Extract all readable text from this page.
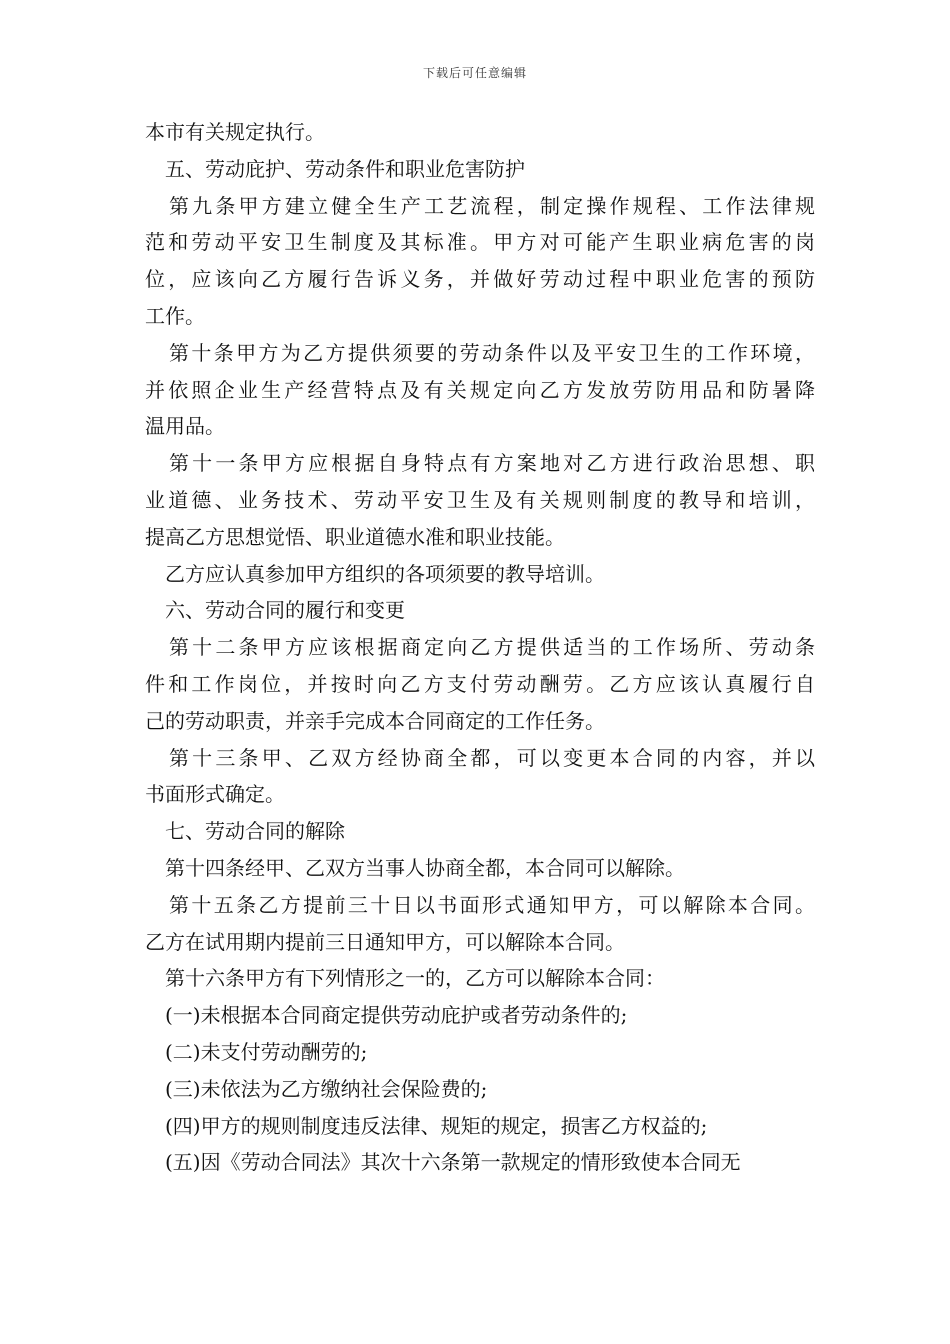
下载后可任意编辑
本市有关规定执行。
五、劳动庇护、劳动条件和职业危害防护
第九条甲方建立健全生产工艺流程，制定操作规程、工作法律规
范和劳动平安卫生制度及其标准。甲方对可能产生职业病危害的岗
位，应该向乙方履行告诉义务，并做好劳动过程中职业危害的预防
工作。
第十条甲方为乙方提供须要的劳动条件以及平安卫生的工作环境，
并依照企业生产经营特点及有关规定向乙方发放劳防用品和防暑降
温用品。
第十一条甲方应根据自身特点有方案地对乙方进行政治思想、职
业道德、业务技术、劳动平安卫生及有关规则制度的教导和培训，
提高乙方思想觉悟、职业道德水准和职业技能。
乙方应认真参加甲方组织的各项须要的教导培训。
六、劳动合同的履行和变更
第十二条甲方应该根据商定向乙方提供适当的工作场所、劳动条
件和工作岗位，并按时向乙方支付劳动酬劳。乙方应该认真履行自
己的劳动职责，并亲手完成本合同商定的工作任务。
第十三条甲、乙双方经协商全都，可以变更本合同的内容，并以
书面形式确定。
七、劳动合同的解除
第十四条经甲、乙双方当事人协商全都，本合同可以解除。
第十五条乙方提前三十日以书面形式通知甲方，可以解除本合同。
乙方在试用期内提前三日通知甲方，可以解除本合同。
第十六条甲方有下列情形之一的，乙方可以解除本合同：
(一)未根据本合同商定提供劳动庇护或者劳动条件的;
(二)未支付劳动酬劳的;
(三)未依法为乙方缴纳社会保险费的;
(四)甲方的规则制度违反法律、规矩的规定，损害乙方权益的;
(五)因《劳动合同法》其次十六条第一款规定的情形致使本合同无
